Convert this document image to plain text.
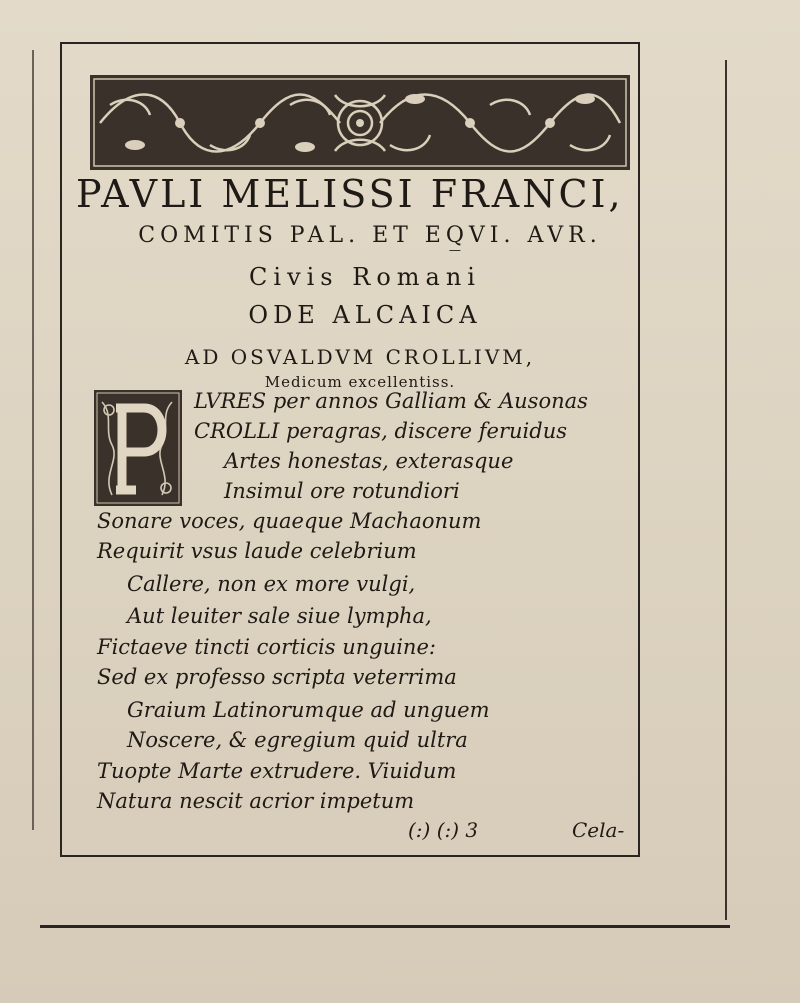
PAVLI MELISSI FRANCI,
COMITIS PAL. ET EQ̲VI. AVR.
Civis Romani
ODE ALCAICA
AD OSVALDVM CROLLIVM,
Medicum excellentiss.
LVRES per annos Galliam & Ausonas
CROLLI peragras, discere feruidus
Artes honestas, exterasque
Insimul ore rotundiori
Sonare voces, quaeque Machaonum
Requirit vsus laude celebrium
Callere, non ex more vulgi,
Aut leuiter sale siue lympha,
Fictaeve tincti corticis unguine:
Sed ex professo scripta veterrima
Graium Latinorumque ad unguem
Noscere, & egregium quid ultra
Tuopte Marte extrudere. Viuidum
Natura nescit acrior impetum
(:) (:) 3	Cela-
